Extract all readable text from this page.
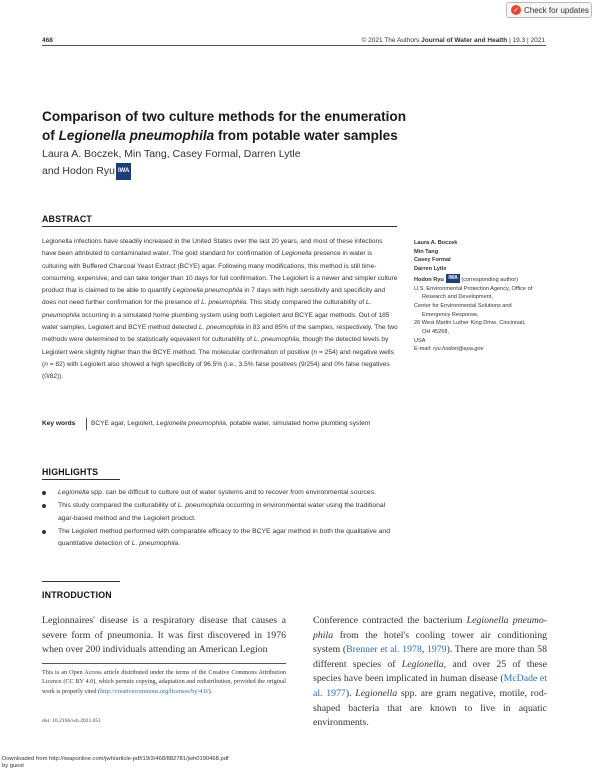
✓ Check for updates
468	© 2021 The Authors Journal of Water and Health | 19.3 | 2021
Comparison of two culture methods for the enumeration
of Legionella pneumophila from potable water samples
Laura A. Boczek, Min Tang, Casey Formal, Darren Lytle
and Hodon Ryu IWA
ABSTRACT
Legionella infections have steadily increased in the United States over the last 20 years, and most of these infections have been attributed to contaminated water. The gold standard for confirmation of Legionella presence in water is culturing with Buffered Charcoal Yeast Extract (BCYE) agar. Following many modifications, this method is still time-consuming, expensive, and can take longer than 10 days for full confirmation. The Legiolert is a newer and simpler culture product that is claimed to be able to quantify Legionella pneumophila in 7 days with high sensitivity and specificity and does not need further confirmation for the presence of L. pneumophila. This study compared the culturability of L. pneumophila occurring in a simulated home plumbing system using both Legiolert and BCYE agar methods. Out of 185 water samples, Legiolert and BCYE method detected L. pneumophila in 83 and 85% of the samples, respectively. The two methods were determined to be statistically equivalent for culturability of L. pneumophila, though the detected levels by Legiolert were slightly higher than the BCYE method. The molecular confirmation of positive (n = 254) and negative wells (n = 82) with Legiolert also showed a high specificity of 96.5% (i.e., 3.5% false positives (9/254) and 0% false negatives (0/82)).
Key words	BCYE agar, Legiolert, Legionella pneumophila, potable water, simulated home plumbing system
Laura A. Boczek
Min Tang
Casey Formal
Darren Lytle
Hodon Ryu IWA (corresponding author)
U.S. Environmental Protection Agency, Office of
Research and Development,
Center for Environmental Solutions and
Emergency Response,
26 West Martin Luther King Drive, Cincinnati,
OH 45268,
USA
E-mail: ryu.hodon@epa.gov
HIGHLIGHTS
Legionella spp. can be difficult to culture out of water systems and to recover from environmental sources.
This study compared the culturability of L. pneumophila occurring in environmental water using the traditional agar-based method and the Legiolert product.
The Legiolert method performed with comparable efficacy to the BCYE agar method in both the qualitative and quantitative detection of L. pneumophila.
INTRODUCTION
Legionnaires' disease is a respiratory disease that causes a severe form of pneumonia. It was first discovered in 1976 when over 200 individuals attending an American Legion
Conference contracted the bacterium Legionella pneumo-phila from the hotel's cooling tower air conditioning system (Brenner et al. 1978, 1979). There are more than 58 different species of Legionella, and over 25 of these species have been implicated in human disease (McDade et al. 1977). Legionella spp. are gram negative, motile, rod-shaped bacteria that are known to live in aquatic environments.
This is an Open Access article distributed under the terms of the Creative Commons Attribution Licence (CC BY 4.0), which permits copying, adaptation and redistribution, provided the original work is properly cited (http://creativecommons.org/licenses/by/4.0/).
doi: 10.2166/wh.2021.051
Downloaded from http://iwaponline.com/jwh/article-pdf/19/3/468/882781/jwh0190468.pdf
by guest
